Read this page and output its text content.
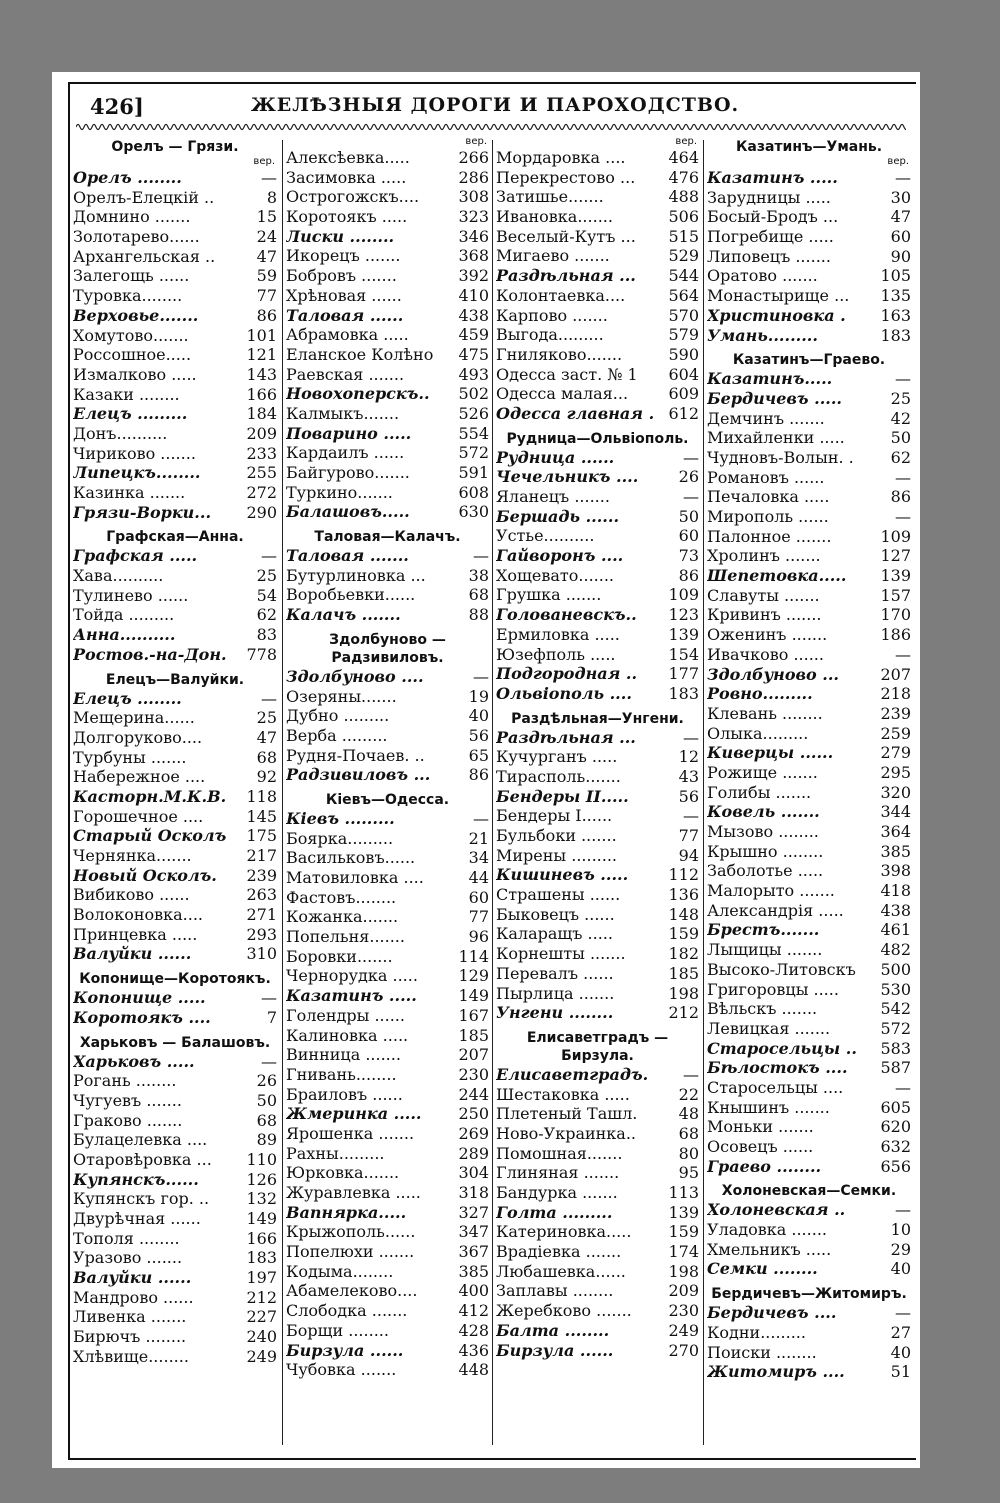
426]	ЖЕЛѢЗНЫЯ ДОРОГИ И ПАРОХОДСТВО.
Орелъ — Грязи.
вер.
Орелъ ........	—
Орелъ-Елецкій ..	8
Домнино .......	15
Золотарево......	24
Архангельская ..	47
Залегощь ......	59
Туровка........	77
Верховье.......	86
Хомутово.......	101
Россошное.....	121
Измалково .....	143
Казаки ........	166
Елецъ .........	184
Донъ..........	209
Чириково .......	233
Липецкъ........	255
Казинка .......	272
Грязи-Ворки... 290
Графская—Анна.
Графская .....	—
Хава..........	25
Тулинево ......	54
Тойда .........	62
Анна..........	83
Ростов.-на-Дон. 778
Елецъ—Валуйки.
Елецъ ........	—
Мещерина......	25
Долгоруково....	47
Турбуны .......	68
Набережное ....	92
Касторн.М.К.В. 118
Горошечное ....	145
Старый Осколъ 175
Чернянка.......	217
Новый Осколъ. 239
Вибиково ......	263
Волоконовка....	271
Принцевка .....	293
Валуйки ......	310
Копонище—Коротоякъ.
Копонище .....	—
Коротоякъ ....	7
Харьковъ — Балашовъ.
Харьковъ .....	—
Рогань ........	26
Чугуевъ .......	50
Граково .......	68
Булацелевка ....	89
Отаровѣровка ... 110
Купянскъ......	126
Купянскъ гор. .. 132
Двурѣчная ......	149
Тополя ........	166
Уразово .......	183
Валуйки ......	197
Мандрово ......	212
Ливенка .......	227
Бирючъ ........	240
Хлѣвище........	249
вер.
Алексѣевка.....	266
Засимовка .....	286
Острогожскъ.... 308
Коротоякъ .....	323
Лиски ........	346
Икорецъ .......	368
Бобровъ .......	392
Хрѣновая ......	410
Таловая ......	438
Абрамовка .....	459
Еланское Колѣно 475
Раевская .......	493
Новохоперскъ.. 502
Калмыкъ.......	526
Поварино .....	554
Кардаилъ ......	572
Байгурово.......	591
Туркино.......	608
Балашовъ.....	630
Таловая—Калачъ.
Таловая .......	—
Бутурлиновка ...	38
Воробьевки......	68
Калачъ .......	88
Здолбуново — Радзивиловъ.
Здолбуново ....	—
Озеряны.......	19
Дубно .........	40
Верба .........	56
Рудня-Почаев. ..	65
Радзивиловъ ... 86
Кіевъ—Одесса.
Кіевъ .........	—
Боярка.........	21
Васильковъ......	34
Матовиловка ....	44
Фастовъ........	60
Кожанка.......	77
Попельня.......	96
Боровки.......	114
Чернорудка .....	129
Казатинъ .....	149
Голендры ......	167
Калиновка .....	185
Винница .......	207
Гнивань........	230
Браиловъ ......	244
Жмеринка ..... 250
Ярошенка .......	269
Рахны.........	289
Юрковка.......	304
Журавлевка ..... 318
Вапнярка.....	327
Крыжополь......	347
Попелюхи .......	367
Кодыма........	385
Абамелеково....	400
Слободка .......	412
Борщи ........	428
Бирзула ......	436
Чубовка .......	448
вер.
Мордаровка ....	464
Перекрестово ... 476
Затишье.......	488
Ивановка.......	506
Веселый-Кутъ ... 515
Мигаево .......	529
Раздѣльная ... 544
Колонтаевка....	564
Карпово .......	570
Выгода.........	579
Гниляково.......	590
Одесса заст. № 1 604
Одесса малая...	609
Одесса главная . 612
Рудница—Ольвіополь.
Рудница ......	—
Чечельникъ ....	26
Яланецъ .......	—
Бершадь ......	50
Устье..........	60
Гайворонъ ....	73
Хощевато.......	86
Грушка .......	109
Голованевскъ.. 123
Ермиловка .....	139
Юзефполь .....	154
Подгородная .. 177
Ольвіополь .... 183
Раздѣльная—Унгени.
Раздѣльная ...	—
Кучурганъ .....	12
Тирасполь.......	43
Бендеры II.....	56
Бендеры I......	—
Бульбоки .......	77
Мирены .........	94
Кишиневъ .....	112
Страшены ......	136
Быковецъ ......	148
Каларащъ .....	159
Корнешты .......	182
Перевалъ ......	185
Пырлица .......	198
Унгени ........	212
Елисаветградъ — Бирзула.
Елисаветградъ. —
Шестаковка .....	22
Плетеный Ташл.	48
Ново-Украинка..	68
Помошная.......	80
Глиняная .......	95
Бандурка .......	113
Голта .........	139
Катериновка..... 159
Врадіевка .......	174
Любашевка......	198
Заплавы ........	209
Жеребково ....... 230
Балта ........	249
Бирзула ......	270
Казатинъ—Умань.
вер.
Казатинъ .....	—
Зарудницы .....	30
Босый-Бродъ ...	47
Погребище .....	60
Липовецъ .......	90
Оратово .......	105
Монастырище ... 135
Христиновка . 163
Умань.........	183
Казатинъ—Граево.
Казатинъ.....	—
Бердичевъ .....	25
Демчинъ .......	42
Михайленки .....	50
Чудновъ-Волын. . 62
Романовъ ......	—
Печаловка .....	86
Мирополь ......	—
Палонное .......	109
Хролинъ .......	127
Шепетовка..... 139
Славуты .......	157
Кривинъ .......	170
Оженинъ .......	186
Ивачково ......	—
Здолбуново ...	207
Ровно.........	218
Клевань ........	239
Олыка.........	259
Киверцы ......	279
Рожище .......	295
Голибы .......	320
Ковель .......	344
Мызово ........	364
Крышно ........	385
Заболотье .....	398
Малорыто .......	418
Александрія ..... 438
Брестъ.......	461
Лыщицы .......	482
Высоко-Литовскъ 500
Григоровцы .....	530
Вѣльскъ .......	542
Левицкая .......	572
Старосельцы .. 583
Бѣлостокъ .... 587
Старосельцы ....	—
Кнышинъ .......	605
Моньки .......	620
Осовецъ ......	632
Граево ........	656
Холоневская—Семки.
Холоневская ..	—
Уладовка .......	10
Хмельникъ .....	29
Семки ........	40
Бердичевъ—Житомиръ.
Бердичевъ ....	—
Кодни.........	27
Поиски ........	40
Житомиръ ....	51
